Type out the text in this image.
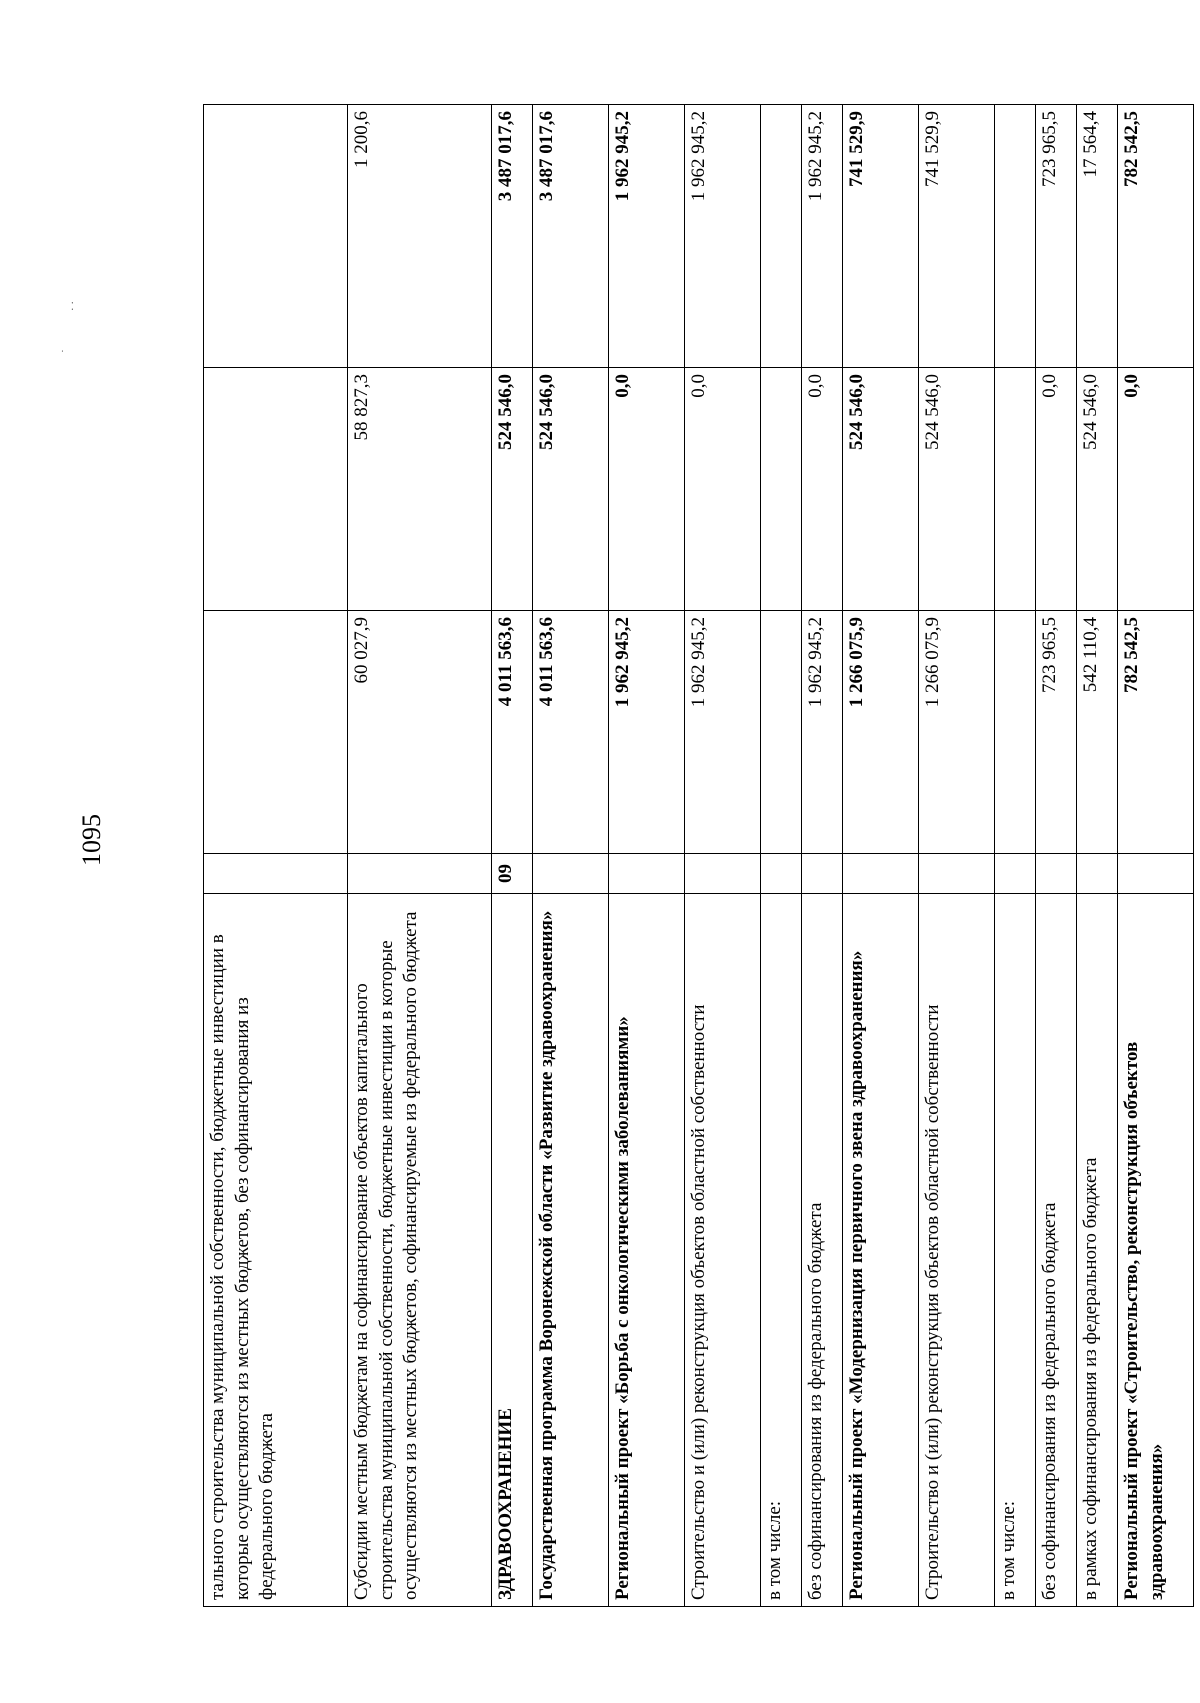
1095
· ·
˙
тального строительства муниципальной собственности, бюджетные инвестиции в которые осуществляются из местных бюджетов, без софинансирования из федерального бюджета				
Субсидии местным бюджетам на софинансирование объектов капитального строительства муниципальной собственности, бюджетные инвестиции в которые осуществляются из местных бюджетов, софинансируемые из федерального бюджета		60 027,9	58 827,3	1 200,6
ЗДРАВООХРАНЕНИЕ	09	4 011 563,6	524 546,0	3 487 017,6
Государственная программа Воронежской области «Развитие здравоохранения»		4 011 563,6	524 546,0	3 487 017,6
Региональный проект «Борьба с онкологическими заболеваниями»		1 962 945,2	0,0	1 962 945,2
Строительство и (или) реконструкция объектов областной собственности		1 962 945,2	0,0	1 962 945,2
в том числе:				
без софинансирования из федерального бюджета		1 962 945,2	0,0	1 962 945,2
Региональный проект «Модернизация первичного звена здравоохранения»		1 266 075,9	524 546,0	741 529,9
Строительство и (или) реконструкция объектов областной собственности		1 266 075,9	524 546,0	741 529,9
в том числе:				
без софинансирования из федерального бюджета		723 965,5	0,0	723 965,5
в рамках софинансирования из федерального бюджета		542 110,4	524 546,0	17 564,4
Региональный проект «Строительство, реконструкция объектов здравоохранения»		782 542,5	0,0	782 542,5
